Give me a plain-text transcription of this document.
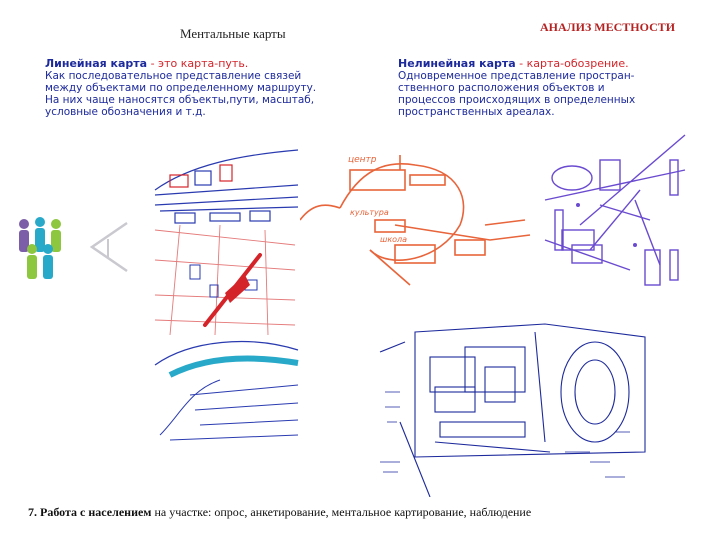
Ментальные карты	АНАЛИЗ МЕСТНОСТИ
Линейная карта - это карта-путь.
Как последовательное представление связей
между объектами по определенному маршруту.
На них чаще наносятся объекты,пути, масштаб,
условные обозначения и т.д.
Нелинейная карта - карта-обозрение.
Одновременное представление простран-
ственного расположения объектов и
процессов происходящих в определенных
пространственных ареалах.
центр
культура
школа
7. Работа с населением на участке: опрос, анкетирование, ментальное картирование, наблюдение
